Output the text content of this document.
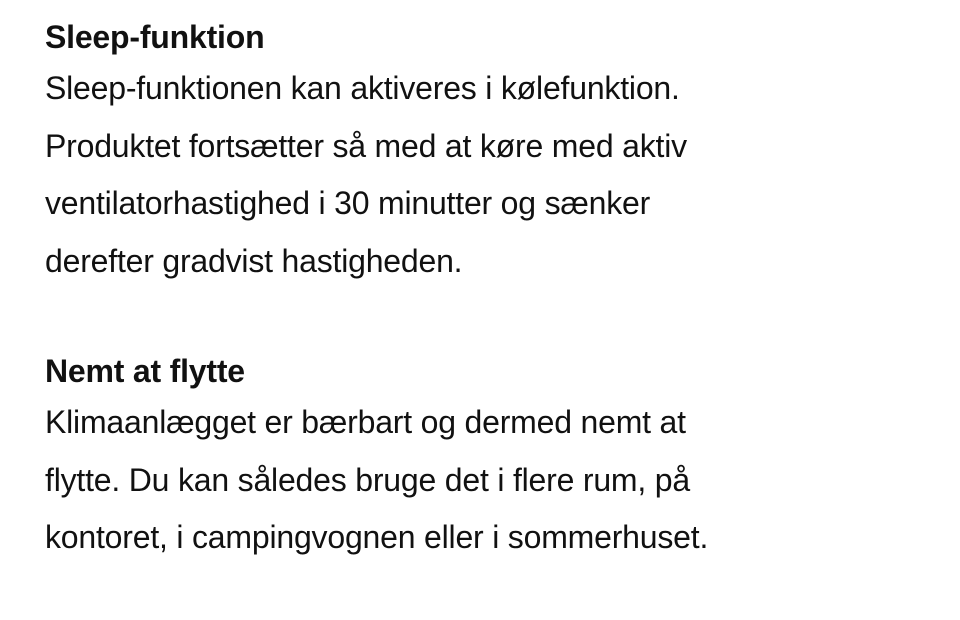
Sleep-funktion

Sleep-funktionen kan aktiveres i kølefunktion.

Produktet fortsætter så med at køre med aktiv

ventilatorhastighed i 30 minutter og sænker

derefter gradvist hastigheden.

Nemt at flytte

Klimaanlægget er bærbart og dermed nemt at

flytte. Du kan således bruge det i flere rum, på

kontoret, i campingvognen eller i sommerhuset.
